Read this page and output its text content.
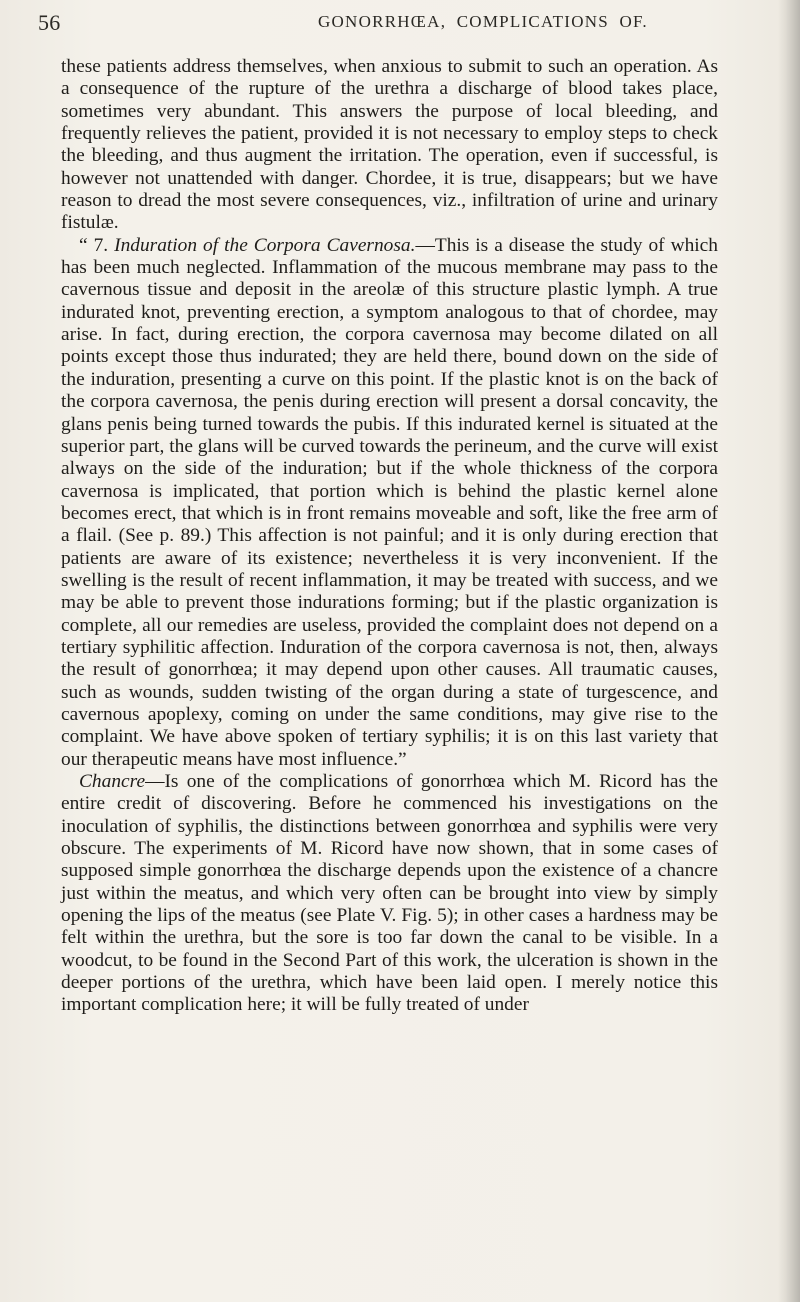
56	GONORRHŒA, COMPLICATIONS OF.

these patients address themselves, when anxious to submit to such an operation. As a consequence of the rupture of the urethra a discharge of blood takes place, sometimes very abundant. This answers the purpose of local bleeding, and frequently relieves the patient, provided it is not necessary to employ steps to check the bleeding, and thus augment the irritation. The operation, even if successful, is however not unattended with danger. Chordee, it is true, disappears; but we have reason to dread the most severe consequences, viz., infiltration of urine and urinary fistulæ.

“ 7. Induration of the Corpora Cavernosa.—This is a disease the study of which has been much neglected. Inflammation of the mucous membrane may pass to the cavernous tissue and deposit in the areolæ of this structure plastic lymph. A true indurated knot, preventing erection, a symptom analogous to that of chordee, may arise. In fact, during erection, the corpora cavernosa may become dilated on all points except those thus indurated; they are held there, bound down on the side of the induration, presenting a curve on this point. If the plastic knot is on the back of the corpora cavernosa, the penis during erection will present a dorsal concavity, the glans penis being turned towards the pubis. If this indurated kernel is situated at the superior part, the glans will be curved towards the perineum, and the curve will exist always on the side of the induration; but if the whole thickness of the corpora cavernosa is implicated, that portion which is behind the plastic kernel alone becomes erect, that which is in front remains moveable and soft, like the free arm of a flail. (See p. 89.) This affection is not painful; and it is only during erection that patients are aware of its existence; nevertheless it is very inconvenient. If the swelling is the result of recent inflammation, it may be treated with success, and we may be able to prevent those indurations forming; but if the plastic organization is complete, all our remedies are useless, provided the complaint does not depend on a tertiary syphilitic affection. Induration of the corpora cavernosa is not, then, always the result of gonorrhœa; it may depend upon other causes. All traumatic causes, such as wounds, sudden twisting of the organ during a state of turgescence, and cavernous apoplexy, coming on under the same conditions, may give rise to the complaint. We have above spoken of tertiary syphilis; it is on this last variety that our therapeutic means have most influence.”

Chancre—Is one of the complications of gonorrhœa which M. Ricord has the entire credit of discovering. Before he commenced his investigations on the inoculation of syphilis, the distinctions between gonorrhœa and syphilis were very obscure. The experiments of M. Ricord have now shown, that in some cases of supposed simple gonorrhœa the discharge depends upon the existence of a chancre just within the meatus, and which very often can be brought into view by simply opening the lips of the meatus (see Plate V. Fig. 5); in other cases a hardness may be felt within the urethra, but the sore is too far down the canal to be visible. In a woodcut, to be found in the Second Part of this work, the ulceration is shown in the deeper portions of the urethra, which have been laid open. I merely notice this important complication here; it will be fully treated of under
